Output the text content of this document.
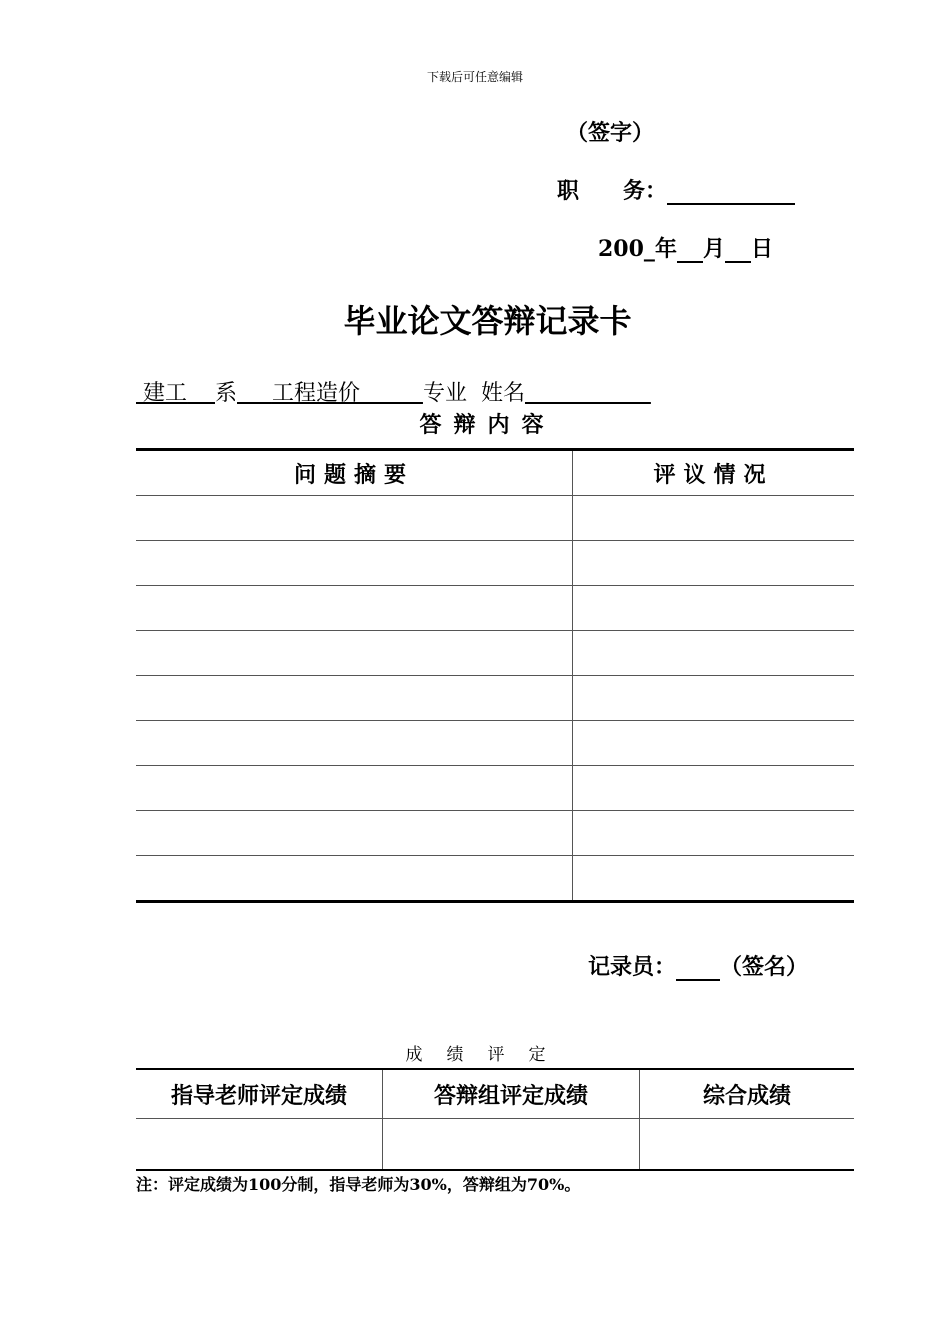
下载后可任意编辑
（签字）
职　　务：
200_年 月 日
毕业论文答辩记录卡
建工 系 工程造价	专业 姓名
答辩内容
问题摘要	评议情况

记录员： （签名）
成绩评定
指导老师评定成绩	答辩组评定成绩	综合成绩

注：评定成绩为100分制，指导老师为30%，答辩组为70%。
